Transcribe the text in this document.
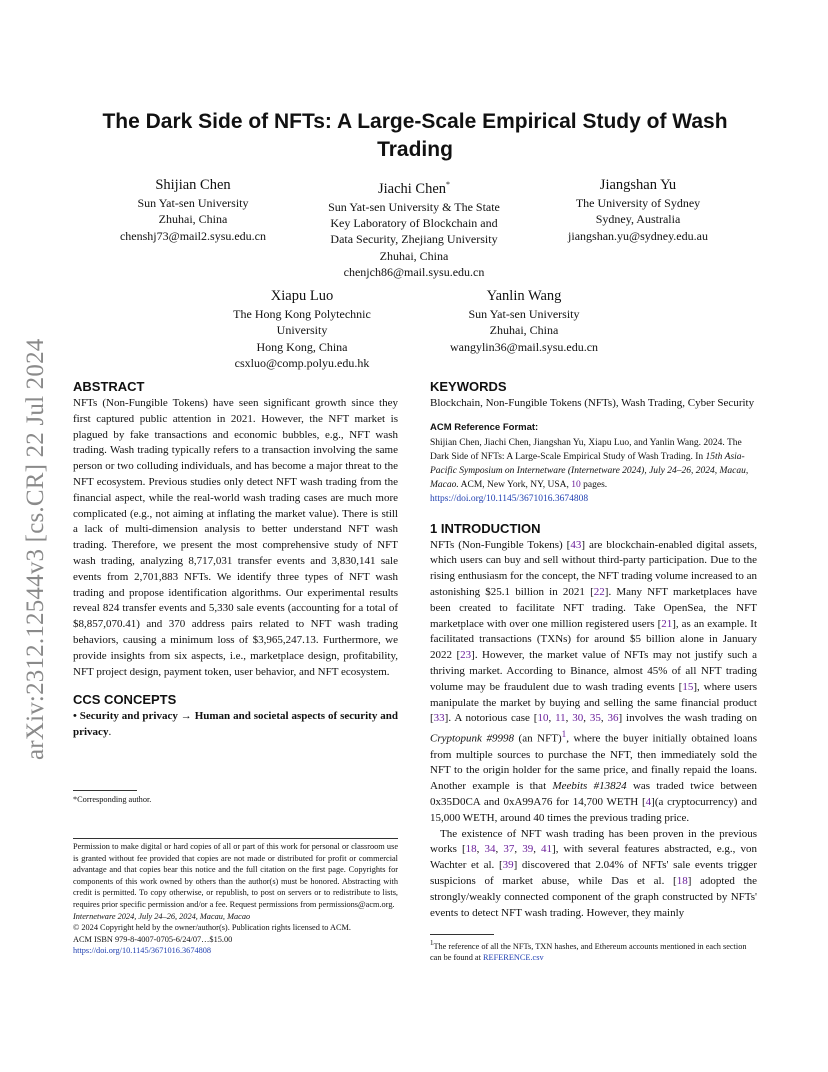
arXiv:2312.12544v3 [cs.CR] 22 Jul 2024
The Dark Side of NFTs: A Large-Scale Empirical Study of Wash Trading
Shijian Chen
Sun Yat-sen University
Zhuhai, China
chenshj73@mail2.sysu.edu.cn
Jiachi Chen*
Sun Yat-sen University & The State
Key Laboratory of Blockchain and
Data Security, Zhejiang University
Zhuhai, China
chenjch86@mail.sysu.edu.cn
Jiangshan Yu
The University of Sydney
Sydney, Australia
jiangshan.yu@sydney.edu.au
Xiapu Luo
The Hong Kong Polytechnic
University
Hong Kong, China
csxluo@comp.polyu.edu.hk
Yanlin Wang
Sun Yat-sen University
Zhuhai, China
wangylin36@mail.sysu.edu.cn
ABSTRACT

NFTs (Non-Fungible Tokens) have seen significant growth since they first captured public attention in 2021. However, the NFT market is plagued by fake transactions and economic bubbles, e.g., NFT wash trading. Wash trading typically refers to a transaction involving the same person or two colluding individuals, and has become a major threat to the NFT ecosystem. Previous studies only detect NFT wash trading from the financial aspect, while the real-world wash trading cases are much more complicated (e.g., not aiming at inflating the market value). There is still a lack of multi-dimension analysis to better understand NFT wash trading. Therefore, we present the most comprehensive study of NFT wash trading, analyzing 8,717,031 transfer events and 3,830,141 sale events from 2,701,883 NFTs. We identify three types of NFT wash trading and propose identification algorithms. Our experimental results reveal 824 transfer events and 5,330 sale events (accounting for a total of $8,857,070.41) and 370 address pairs related to NFT wash trading behaviors, causing a minimum loss of $3,965,247.13. Furthermore, we provide insights from six aspects, i.e., marketplace design, profitability, NFT project design, payment token, user behavior, and NFT ecosystem.

CCS CONCEPTS

• Security and privacy → Human and societal aspects of security and privacy.

*Corresponding author.

Permission to make digital or hard copies of all or part of this work for personal or classroom use is granted without fee provided that copies are not made or distributed for profit or commercial advantage and that copies bear this notice and the full citation on the first page. Copyrights for components of this work owned by others than the author(s) must be honored. Abstracting with credit is permitted. To copy otherwise, or republish, to post on servers or to redistribute to lists, requires prior specific permission and/or a fee. Request permissions from permissions@acm.org.

Internetware 2024, July 24–26, 2024, Macau, Macao

© 2024 Copyright held by the owner/author(s). Publication rights licensed to ACM.

ACM ISBN 979-8-4007-0705-6/24/07…$15.00

https://doi.org/10.1145/3671016.3674808

KEYWORDS

Blockchain, Non-Fungible Tokens (NFTs), Wash Trading, Cyber Security

ACM Reference Format:

Shijian Chen, Jiachi Chen, Jiangshan Yu, Xiapu Luo, and Yanlin Wang. 2024. The Dark Side of NFTs: A Large-Scale Empirical Study of Wash Trading. In 15th Asia-Pacific Symposium on Internetware (Internetware 2024), July 24–26, 2024, Macau, Macao. ACM, New York, NY, USA, 10 pages. https://doi.org/10.1145/3671016.3674808

1 INTRODUCTION

NFTs (Non-Fungible Tokens) [43] are blockchain-enabled digital assets, which users can buy and sell without third-party participation. Due to the rising enthusiasm for the concept, the NFT trading volume increased to an astonishing $25.1 billion in 2021 [22]. Many NFT marketplaces have been created to facilitate NFT trading. Take OpenSea, the NFT marketplace with over one million registered users [21], as an example. It facilitated transactions (TXNs) for around $5 billion alone in January 2022 [23]. However, the market value of NFTs may not justify such a thriving market. According to Binance, almost 45% of all NFT trading volume may be fraudulent due to wash trading events [15], where users manipulate the market by buying and selling the same financial product [33]. A notorious case [10, 11, 30, 35, 36] involves the wash trading on Cryptopunk #9998 (an NFT)$^1$, where the buyer initially obtained loans from multiple sources to purchase the NFT, then immediately sold the NFT to the origin holder for the same price, and finally repaid the loans. Another example is that Meebits #13824 was traded twice between 0x35D0CA and 0xA99A76 for 14,700 WETH [4](a cryptocurrency) and 15,000 WETH, around 40 times the previous trading price.

The existence of NFT wash trading has been proven in the previous works [18, 34, 37, 39, 41], with several features abstracted, e.g., von Wachter et al. [39] discovered that 2.04% of NFTs' sale events trigger suspicions of market abuse, while Das et al. [18] adopted the strongly/weakly connected component of the graph constructed by NFTs' events to detect NFT wash trading. However, they mainly

$^1$The reference of all the NFTs, TXN hashes, and Ethereum accounts mentioned in each section can be found at REFERENCE.csv
